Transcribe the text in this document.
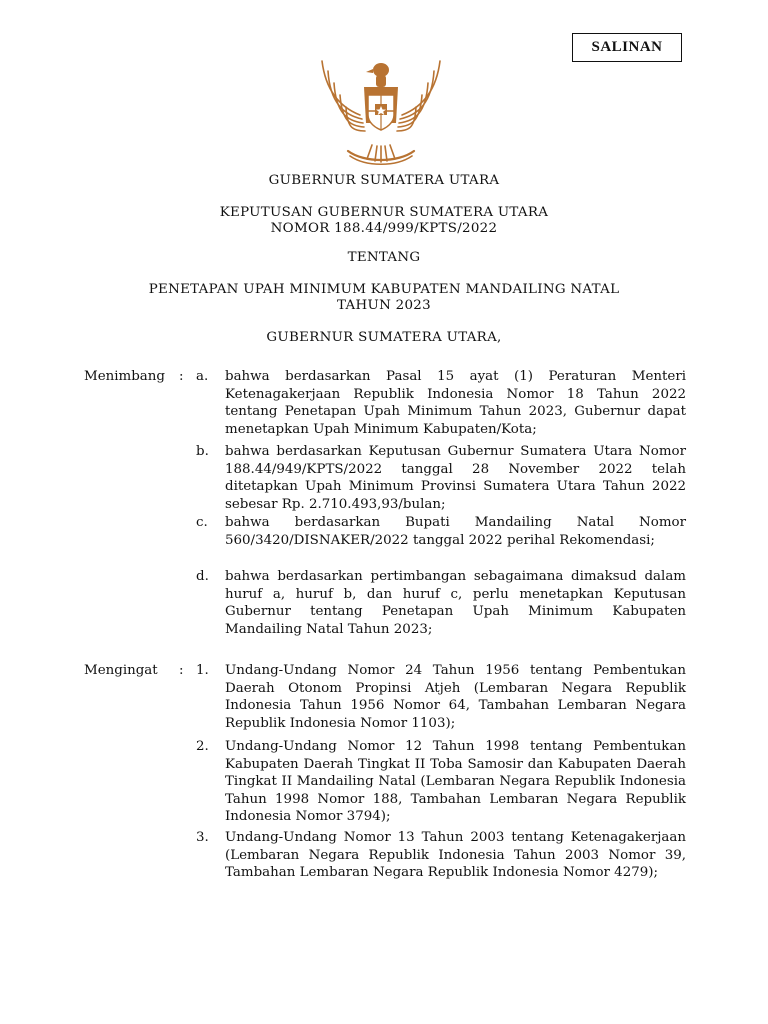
SALINAN
GUBERNUR SUMATERA UTARA
KEPUTUSAN GUBERNUR SUMATERA UTARA
NOMOR 188.44/999/KPTS/2022
TENTANG
PENETAPAN UPAH MINIMUM KABUPATEN MANDAILING NATAL
TAHUN 2023
GUBERNUR SUMATERA UTARA,
Menimbang : a. bahwa berdasarkan Pasal 15 ayat (1) Peraturan Menteri Ketenagakerjaan Republik Indonesia Nomor 18 Tahun 2022 tentang Penetapan Upah Minimum Tahun 2023, Gubernur dapat menetapkan Upah Minimum Kabupaten/Kota;
b. bahwa berdasarkan Keputusan Gubernur Sumatera Utara Nomor 188.44/949/KPTS/2022 tanggal 28 November 2022 telah ditetapkan Upah Minimum Provinsi Sumatera Utara Tahun 2022 sebesar Rp. 2.710.493,93/bulan;
c. bahwa berdasarkan Bupati Mandailing Natal Nomor 560/3420/DISNAKER/2022 tanggal 2022 perihal Rekomendasi;
d. bahwa berdasarkan pertimbangan sebagaimana dimaksud dalam huruf a, huruf b, dan huruf c, perlu menetapkan Keputusan Gubernur tentang Penetapan Upah Minimum Kabupaten Mandailing Natal Tahun 2023;
Mengingat : 1. Undang-Undang Nomor 24 Tahun 1956 tentang Pembentukan Daerah Otonom Propinsi Atjeh (Lembaran Negara Republik Indonesia Tahun 1956 Nomor 64, Tambahan Lembaran Negara Republik Indonesia Nomor 1103);
2. Undang-Undang Nomor 12 Tahun 1998 tentang Pembentukan Kabupaten Daerah Tingkat II Toba Samosir dan Kabupaten Daerah Tingkat II Mandailing Natal (Lembaran Negara Republik Indonesia Tahun 1998 Nomor 188, Tambahan Lembaran Negara Republik Indonesia Nomor 3794);
3. Undang-Undang Nomor 13 Tahun 2003 tentang Ketenagakerjaan (Lembaran Negara Republik Indonesia Tahun 2003 Nomor 39, Tambahan Lembaran Negara Republik Indonesia Nomor 4279);
